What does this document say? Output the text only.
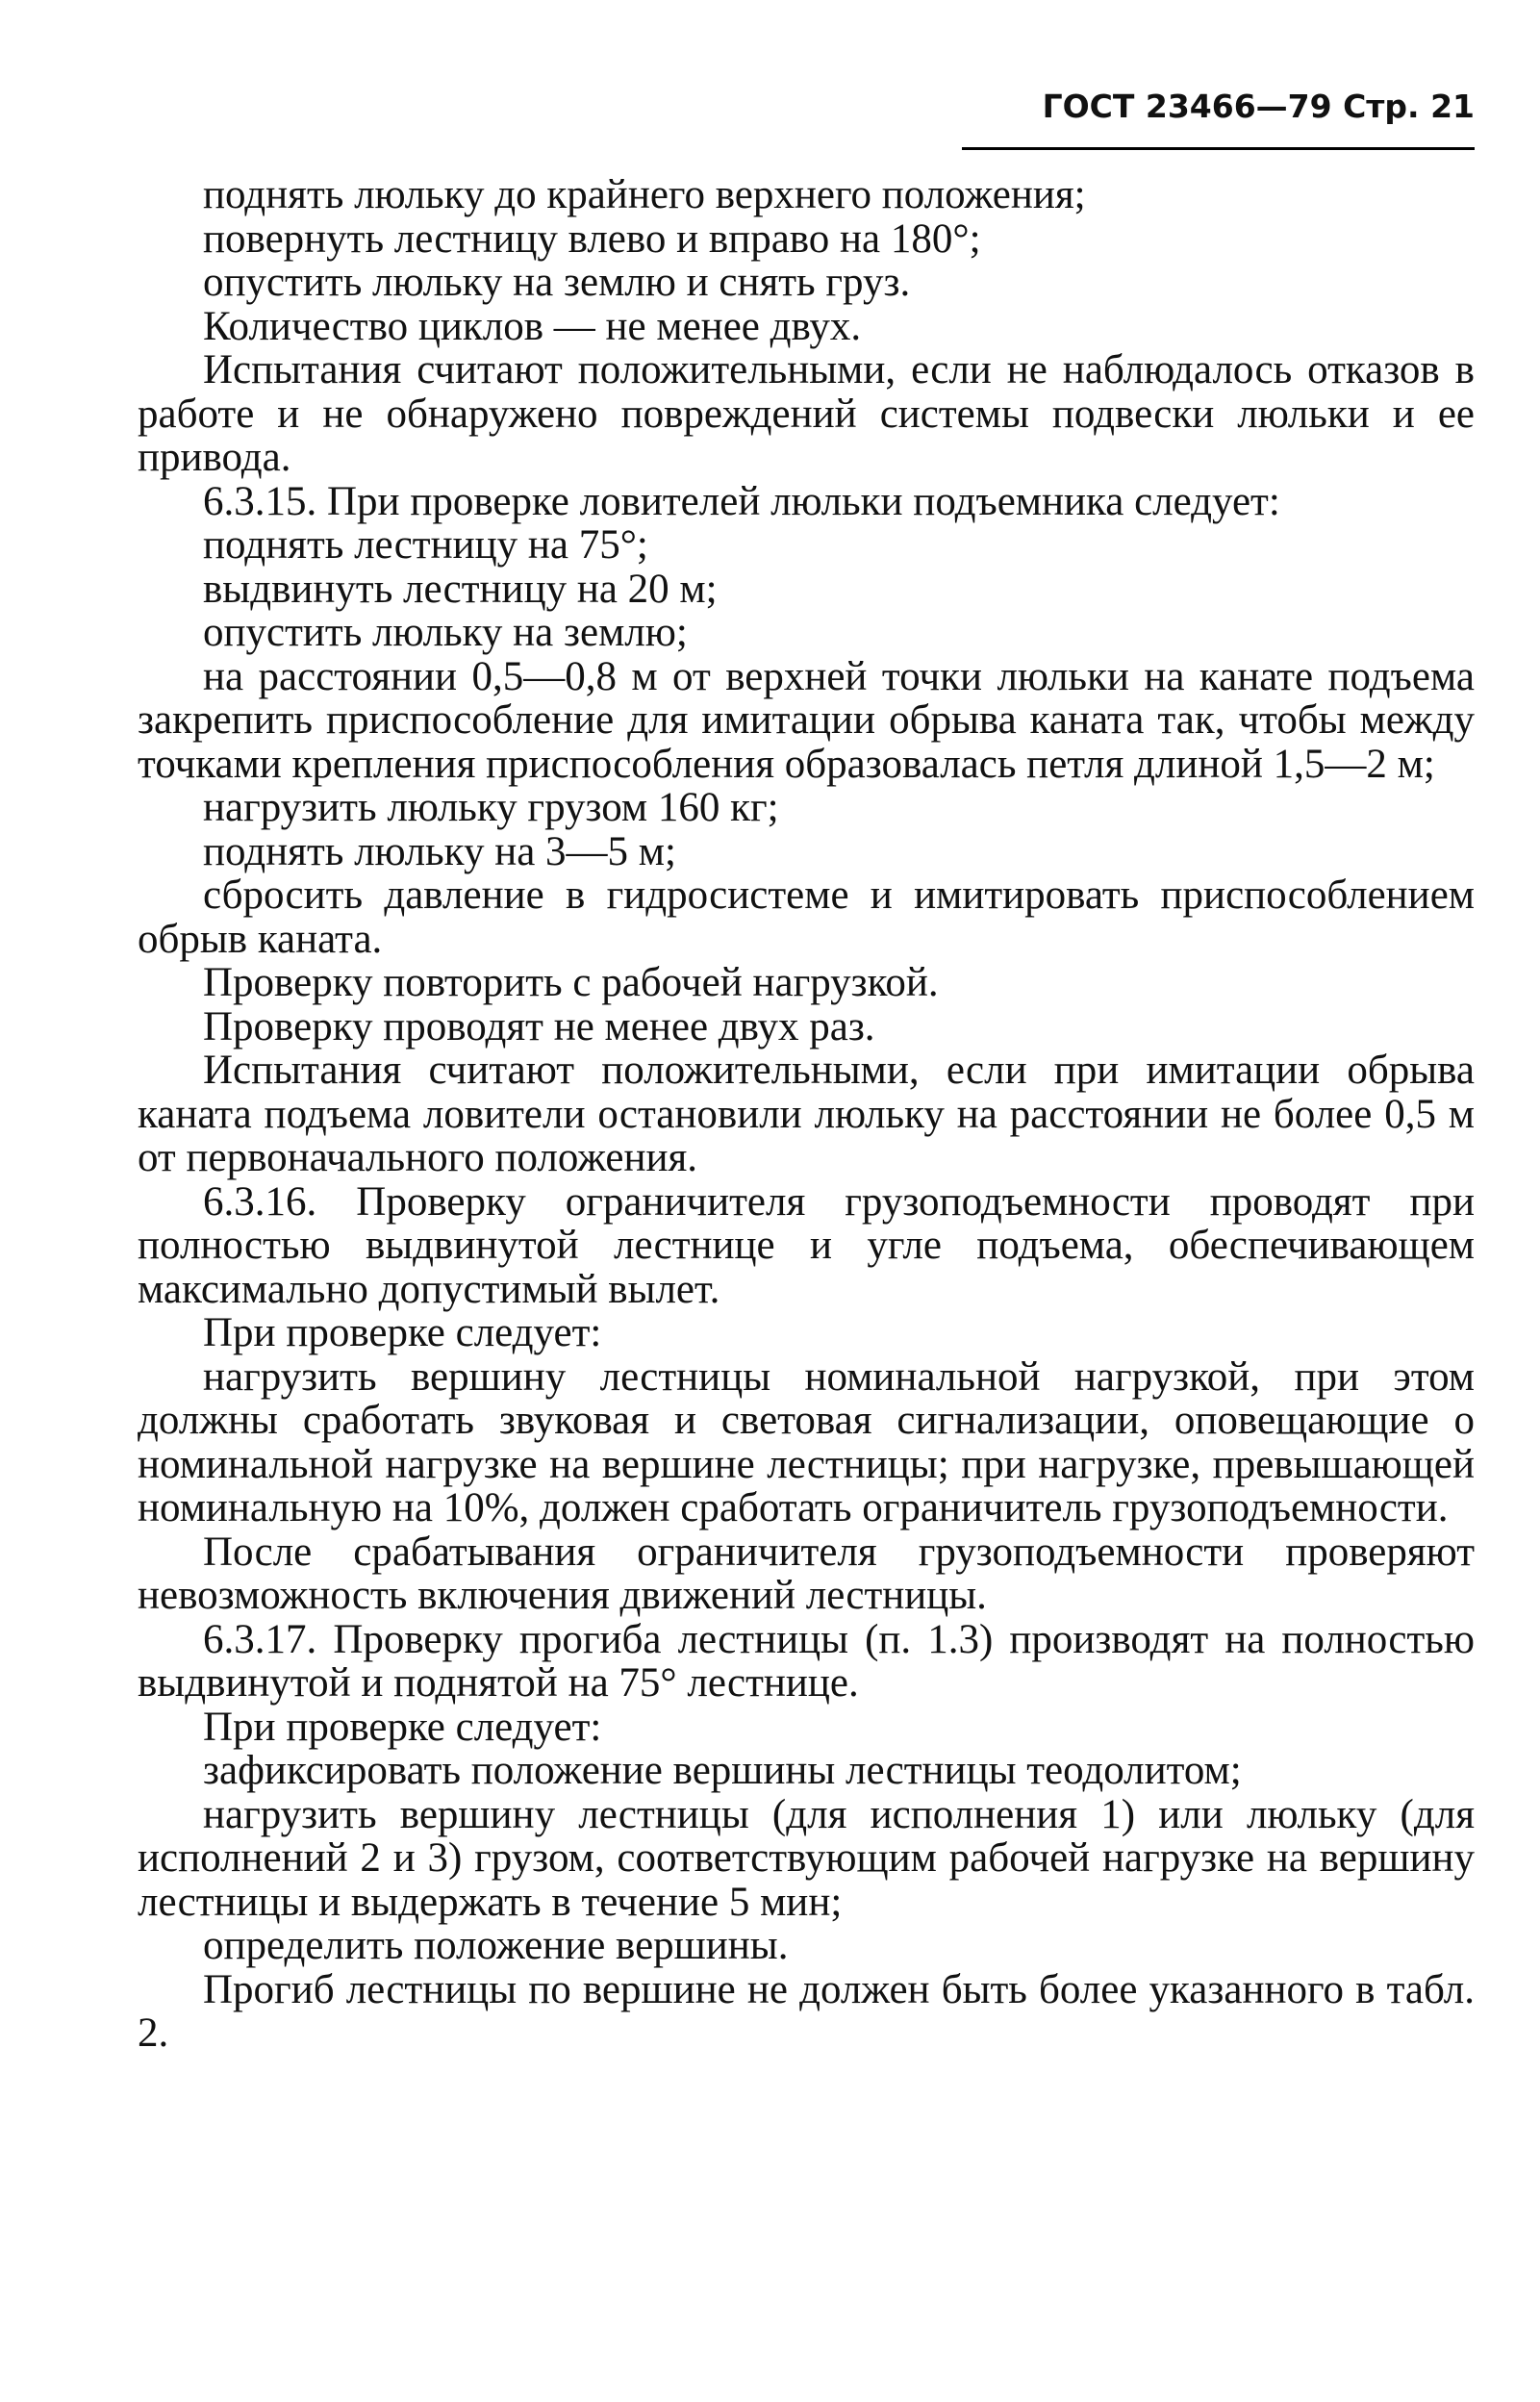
ГОСТ 23466—79 Стр. 21

поднять люльку до крайнего верхнего положения;

повернуть лестницу влево и вправо на 180°;

опустить люльку на землю и снять груз.

Количество циклов — не менее двух.

Испытания считают положительными, если не наблюдалось отказов в работе и не обнаружено повреждений системы подвески люльки и ее привода.

6.3.15. При проверке ловителей люльки подъемника следует:

поднять лестницу на 75°;

выдвинуть лестницу на 20 м;

опустить люльку на землю;

на расстоянии 0,5—0,8 м от верхней точки люльки на канате подъема закрепить приспособление для имитации обрыва каната так, чтобы между точками крепления приспособления образовалась петля длиной 1,5—2 м;

нагрузить люльку грузом 160 кг;

поднять люльку на 3—5 м;

сбросить давление в гидросистеме и имитировать приспособлением обрыв каната.

Проверку повторить с рабочей нагрузкой.

Проверку проводят не менее двух раз.

Испытания считают положительными, если при имитации обрыва каната подъема ловители остановили люльку на расстоянии не более 0,5 м от первоначального положения.

6.3.16. Проверку ограничителя грузоподъемности проводят при полностью выдвинутой лестнице и угле подъема, обеспечивающем максимально допустимый вылет.

При проверке следует:

нагрузить вершину лестницы номинальной нагрузкой, при этом должны сработать звуковая и световая сигнализации, оповещающие о номинальной нагрузке на вершине лестницы; при нагрузке, превышающей номинальную на 10%, должен сработать ограничитель грузоподъемности.

После срабатывания ограничителя грузоподъемности проверяют невозможность включения движений лестницы.

6.3.17. Проверку прогиба лестницы (п. 1.3) производят на полностью выдвинутой и поднятой на 75° лестнице.

При проверке следует:

зафиксировать положение вершины лестницы теодолитом;

нагрузить вершину лестницы (для исполнения 1) или люльку (для исполнений 2 и 3) грузом, соответствующим рабочей нагрузке на вершину лестницы и выдержать в течение 5 мин;

определить положение вершины.

Прогиб лестницы по вершине не должен быть более указанного в табл. 2.
